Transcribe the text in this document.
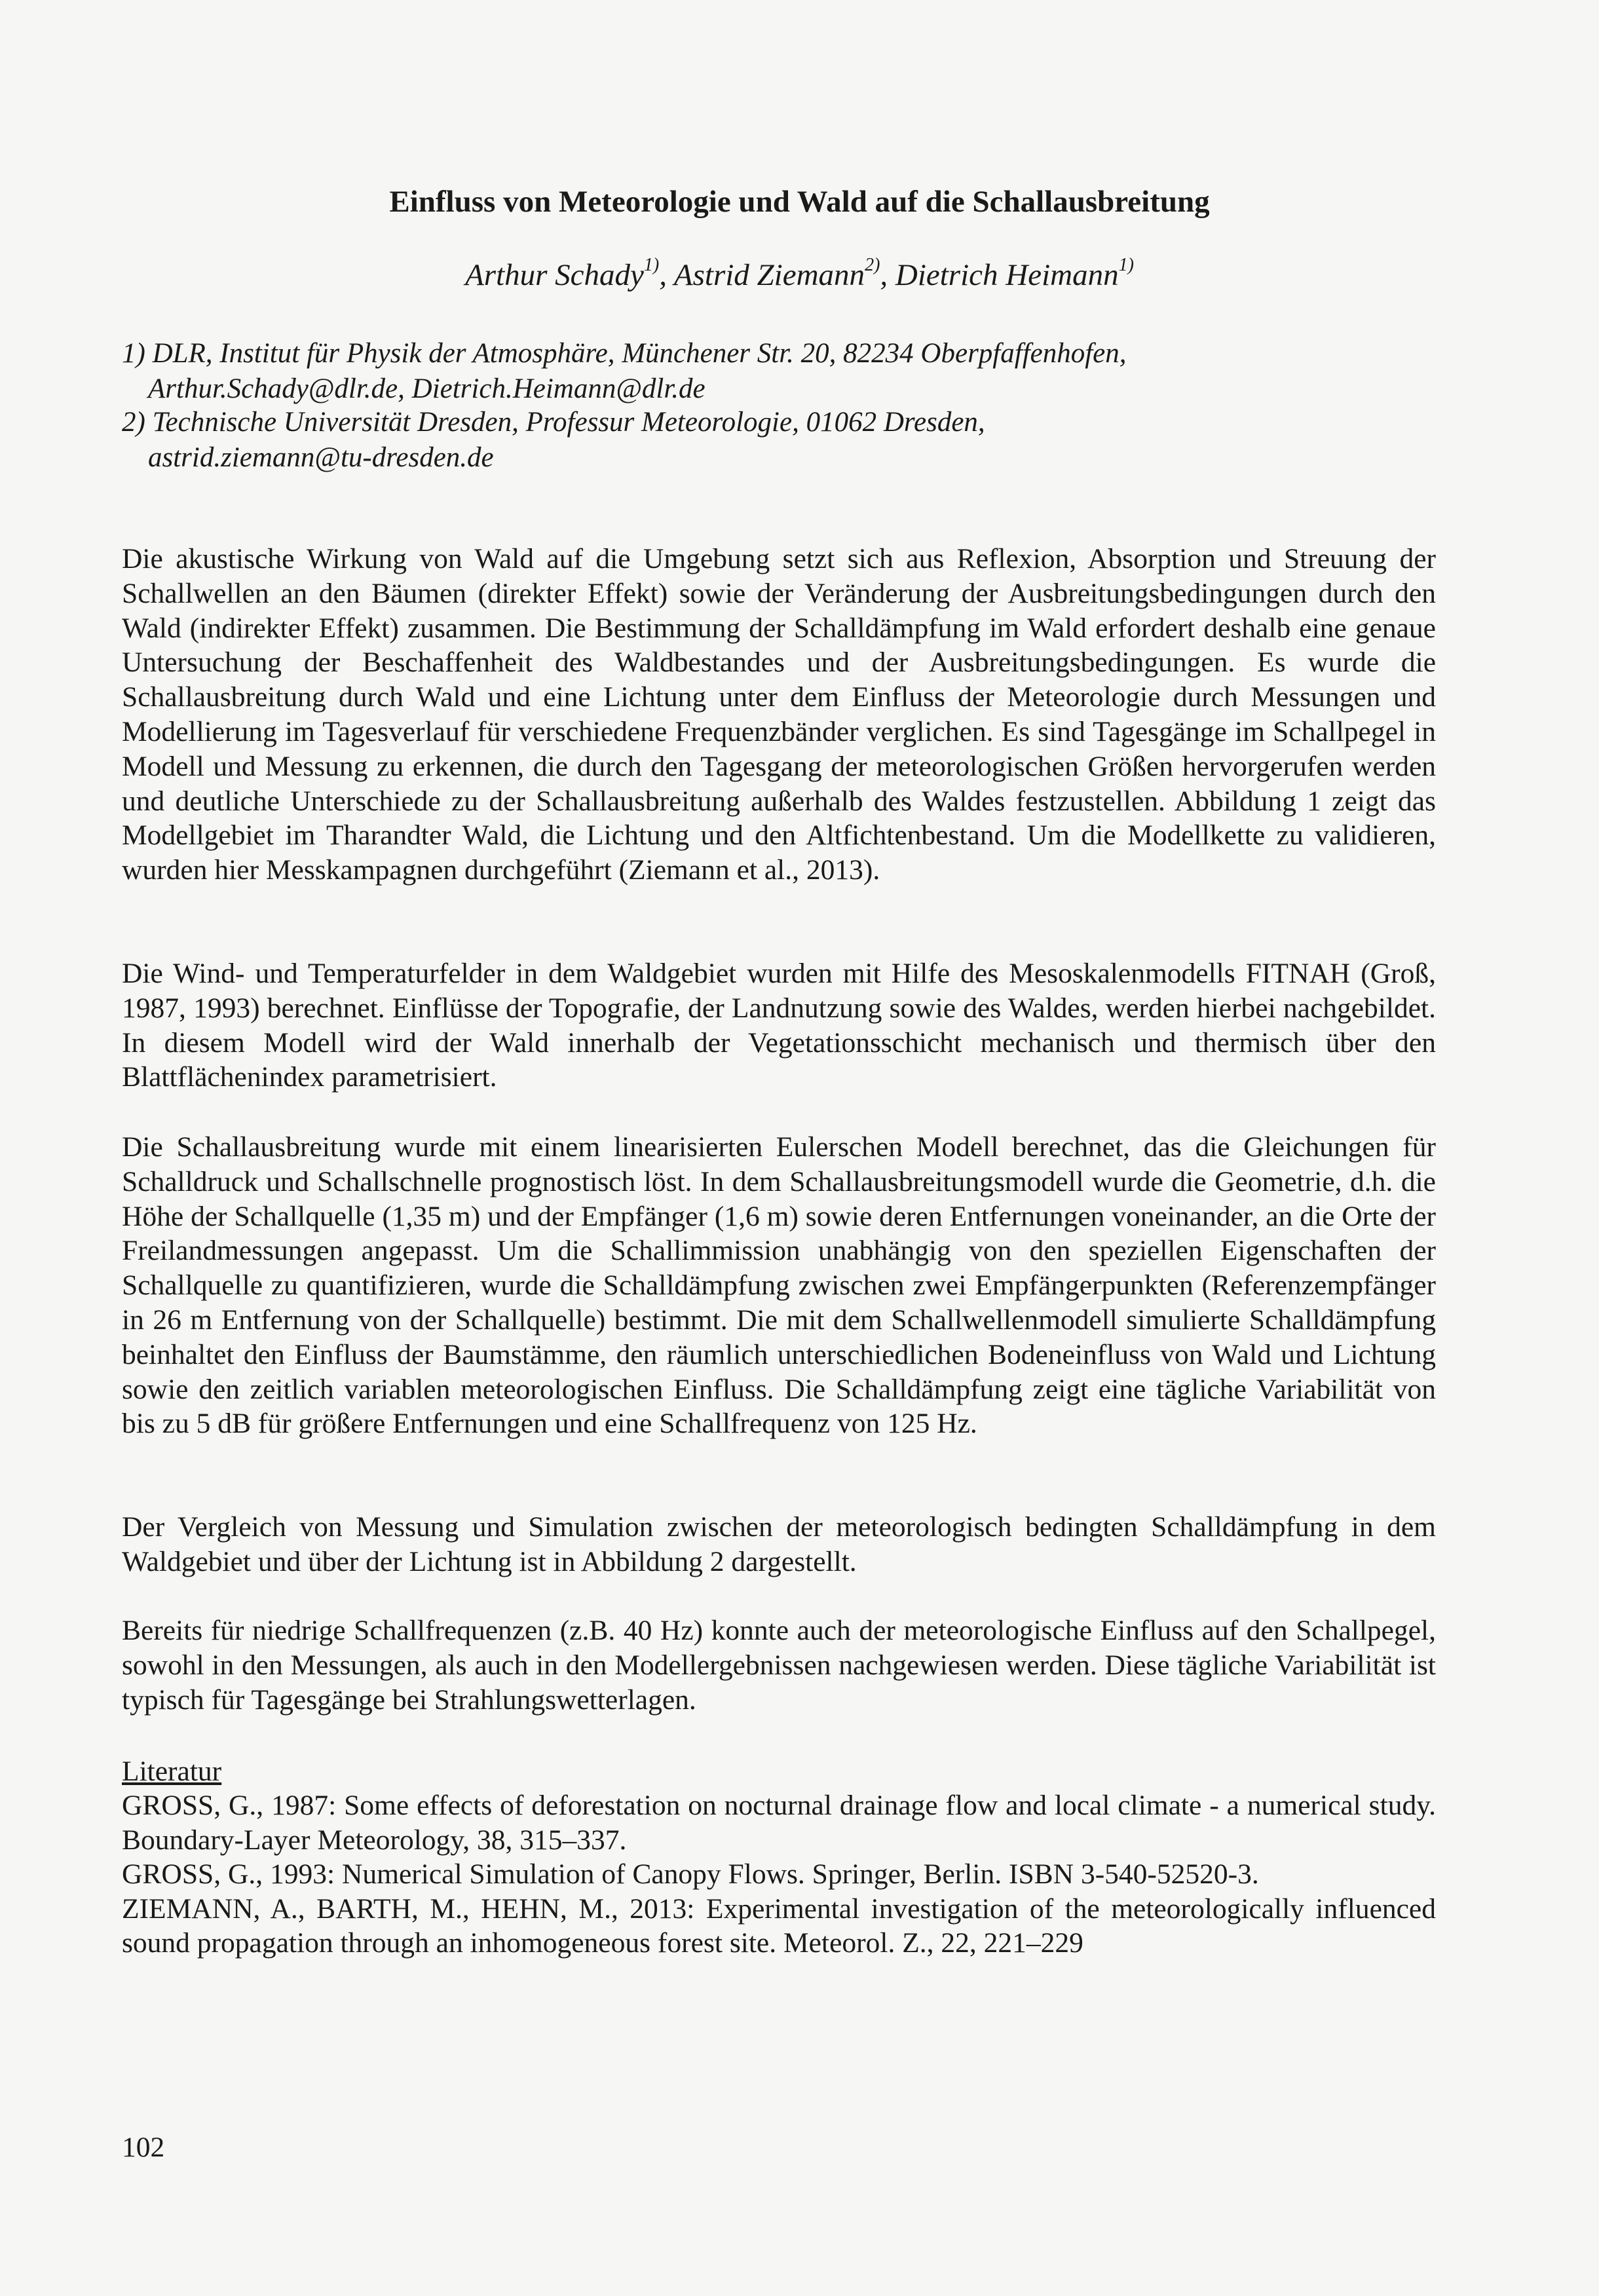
Einfluss von Meteorologie und Wald auf die Schallausbreitung
Arthur Schady$^{1)}$, Astrid Ziemann$^{2)}$, Dietrich Heimann$^{1)}$
1) DLR, Institut für Physik der Atmosphäre, Münchener Str. 20, 82234 Oberpfaffenhofen,
Arthur.Schady@dlr.de, Dietrich.Heimann@dlr.de
2) Technische Universität Dresden, Professur Meteorologie, 01062 Dresden,
astrid.ziemann@tu-dresden.de
Die akustische Wirkung von Wald auf die Umgebung setzt sich aus Reflexion, Absorption und Streuung der Schallwellen an den Bäumen (direkter Effekt) sowie der Veränderung der Ausbreitungsbedingungen durch den Wald (indirekter Effekt) zusammen. Die Bestimmung der Schalldämpfung im Wald erfordert deshalb eine genaue Untersuchung der Beschaffenheit des Waldbestandes und der Ausbreitungsbedingungen. Es wurde die Schallausbreitung durch Wald und eine Lichtung unter dem Einfluss der Meteorologie durch Messungen und Modellierung im Tagesverlauf für verschiedene Frequenzbänder verglichen. Es sind Tagesgänge im Schallpegel in Modell und Messung zu erkennen, die durch den Tagesgang der meteorologischen Größen hervorgerufen werden und deutliche Unterschiede zu der Schallausbreitung außerhalb des Waldes festzustellen. Abbildung 1 zeigt das Modellgebiet im Tharandter Wald, die Lichtung und den Altfichtenbestand. Um die Modellkette zu validieren, wurden hier Messkampagnen durchgeführt (Ziemann et al., 2013).
Die Wind- und Temperaturfelder in dem Waldgebiet wurden mit Hilfe des Mesoskalenmodells FITNAH (Groß, 1987, 1993) berechnet. Einflüsse der Topografie, der Landnutzung sowie des Waldes, werden hierbei nachgebildet. In diesem Modell wird der Wald innerhalb der Vegetationsschicht mechanisch und thermisch über den Blattflächenindex parametrisiert.
Die Schallausbreitung wurde mit einem linearisierten Eulerschen Modell berechnet, das die Gleichungen für Schalldruck und Schallschnelle prognostisch löst. In dem Schallausbreitungsmodell wurde die Geometrie, d.h. die Höhe der Schallquelle (1,35 m) und der Empfänger (1,6 m) sowie deren Entfernungen voneinander, an die Orte der Freilandmessungen angepasst. Um die Schallimmission unabhängig von den speziellen Eigenschaften der Schallquelle zu quantifizieren, wurde die Schalldämpfung zwischen zwei Empfängerpunkten (Referenzempfänger in 26 m Entfernung von der Schallquelle) bestimmt. Die mit dem Schallwellenmodell simulierte Schalldämpfung beinhaltet den Einfluss der Baumstämme, den räumlich unterschiedlichen Bodeneinfluss von Wald und Lichtung sowie den zeitlich variablen meteorologischen Einfluss. Die Schalldämpfung zeigt eine tägliche Variabilität von bis zu 5 dB für größere Entfernungen und eine Schallfrequenz von 125 Hz.
Der Vergleich von Messung und Simulation zwischen der meteorologisch bedingten Schalldämpfung in dem Waldgebiet und über der Lichtung ist in Abbildung 2 dargestellt.
Bereits für niedrige Schallfrequenzen (z.B. 40 Hz) konnte auch der meteorologische Einfluss auf den Schallpegel, sowohl in den Messungen, als auch in den Modellergebnissen nachgewiesen werden. Diese tägliche Variabilität ist typisch für Tagesgänge bei Strahlungswetterlagen.
Literatur

GROSS, G., 1987: Some effects of deforestation on nocturnal drainage flow and local climate - a numerical study. Boundary-Layer Meteorology, 38, 315–337.

GROSS, G., 1993: Numerical Simulation of Canopy Flows. Springer, Berlin. ISBN 3-540-52520-3.

ZIEMANN, A., BARTH, M., HEHN, M., 2013: Experimental investigation of the meteorologically influenced sound propagation through an inhomogeneous forest site. Meteorol. Z., 22, 221–229

102
